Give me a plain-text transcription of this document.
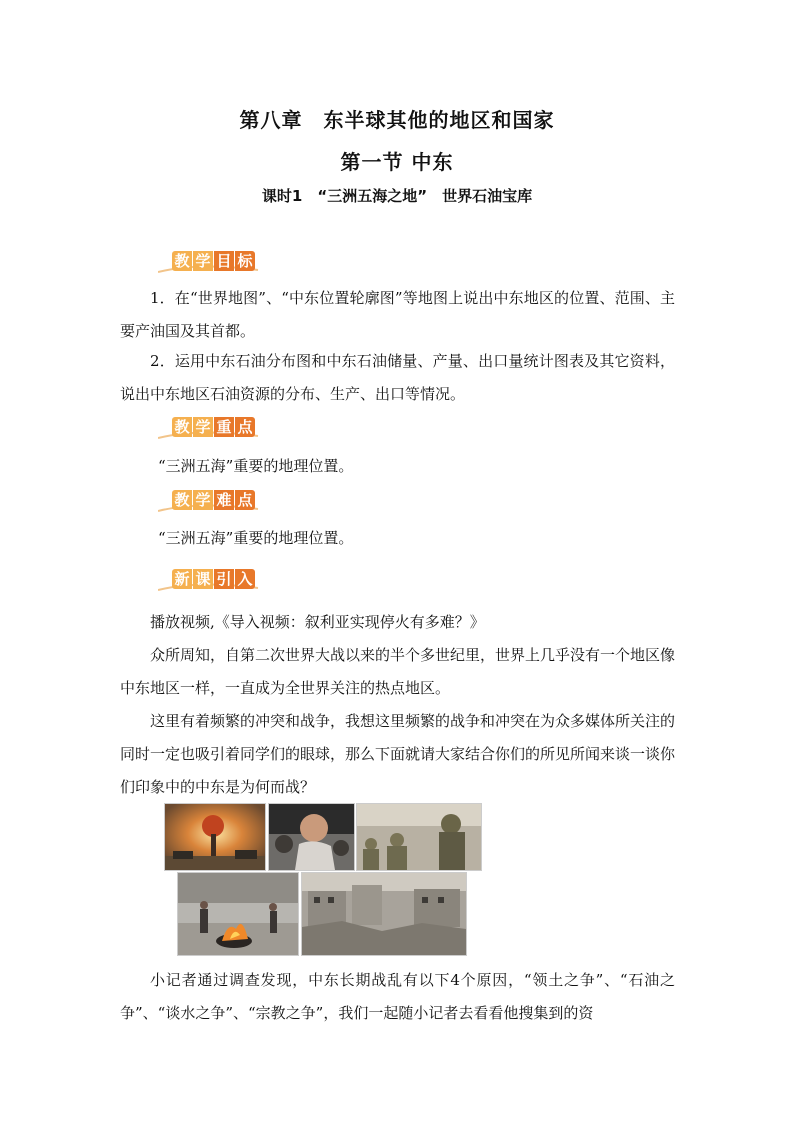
第八章　东半球其他的地区和国家
第一节 中东
课时1　“三洲五海之地”　世界石油宝库
教 学 目 标

1．在“世界地图”、“中东位置轮廓图”等地图上说出中东地区的位置、范围、主要产油国及其首都。

2．运用中东石油分布图和中东石油储量、产量、出口量统计图表及其它资料，说出中东地区石油资源的分布、生产、出口等情况。

教 学 重 点

“三洲五海”重要的地理位置。

教 学 难 点

“三洲五海”重要的地理位置。

新 课 引 入

播放视频,《导入视频：叙利亚实现停火有多难？》

众所周知，自第二次世界大战以来的半个多世纪里，世界上几乎没有一个地区像中东地区一样，一直成为全世界关注的热点地区。

这里有着频繁的冲突和战争，我想这里频繁的战争和冲突在为众多媒体所关注的同时一定也吸引着同学们的眼球，那么下面就请大家结合你们的所见所闻来谈一谈你们印象中的中东是为何而战？

小记者通过调查发现，中东长期战乱有以下4个原因，“领土之争”、“石油之争”、“谈水之争”、“宗教之争”，我们一起随小记者去看看他搜集到的资
